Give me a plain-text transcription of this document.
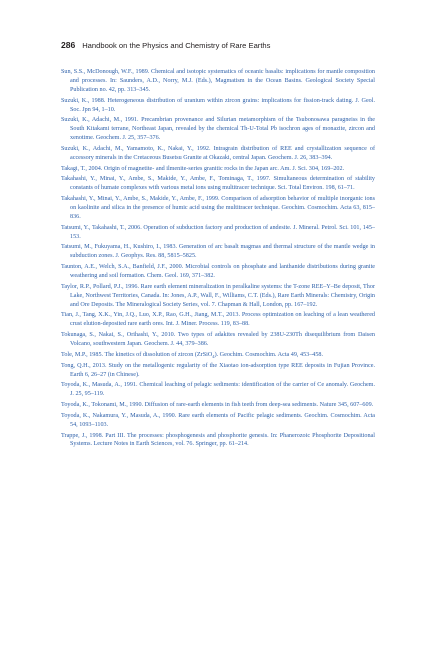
286 Handbook on the Physics and Chemistry of Rare Earths

Sun, S.S., McDonough, W.F., 1989. Chemical and isotopic systematics of oceanic basalts: implications for mantle composition and processes. In: Saunders, A.D., Norry, M.J. (Eds.), Magmatism in the Ocean Basins. Geological Society Special Publication no. 42, pp. 313–345.

Suzuki, K., 1988. Heterogeneous distribution of uranium within zircon grains: implications for fission-track dating. J. Geol. Soc. Jpn 94, 1–10.

Suzuki, K., Adachi, M., 1991. Precambrian provenance and Silurian metamorphism of the Tsubonosawa paragneiss in the South Kitakami terrane, Northeast Japan, revealed by the chemical Th-U-Total Pb isochron ages of monazite, zircon and xenotime. Geochem. J. 25, 357–376.

Suzuki, K., Adachi, M., Yamamoto, K., Nakai, Y., 1992. Intragrain distribution of REE and crystallization sequence of accessory minerals in the Cretaceous Busetsu Granite at Okazaki, central Japan. Geochem. J. 26, 383–394.

Takagi, T., 2004. Origin of magnetite- and ilmenite-series granitic rocks in the Japan arc. Am. J. Sci. 304, 169–202.

Takahashi, Y., Minai, Y., Ambe, S., Makide, Y., Ambe, F., Tominaga, T., 1997. Simultaneous determination of stability constants of humate complexes with various metal ions using multitracer technique. Sci. Total Environ. 198, 61–71.

Takahashi, Y., Minai, Y., Ambe, S., Makide, Y., Ambe, F., 1999. Comparison of adsorption behavior of multiple inorganic ions on kaolinite and silica in the presence of humic acid using the multitracer technique. Geochim. Cosmochim. Acta 63, 815–836.

Tatsumi, Y., Takahashi, T., 2006. Operation of subduction factory and production of andesite. J. Mineral. Petrol. Sci. 101, 145–153.

Tatsumi, M., Fukuyama, H., Kushiro, I., 1983. Generation of arc basalt magmas and thermal structure of the mantle wedge in subduction zones. J. Geophys. Res. 88, 5815–5825.

Taunton, A.E., Welch, S.A., Banfield, J.F., 2000. Microbial controls on phosphate and lanthanide distributions during granite weathering and soil formation. Chem. Geol. 169, 371–382.

Taylor, R.P., Pollard, P.J., 1996. Rare earth element mineralization in peralkaline systems: the T-zone REE–Y–Be deposit, Thor Lake, Northwest Territories, Canada. In: Jones, A.P., Wall, F., Williams, C.T. (Eds.), Rare Earth Minerals: Chemistry, Origin and Ore Deposits. The Mineralogical Society Series, vol. 7. Chapman & Hall, London, pp. 167–192.

Tian, J., Tang, X.K., Yin, J.Q., Luo, X.P., Rao, G.H., Jiang, M.T., 2013. Process optimization on leaching of a lean weathered crust elution-deposited rare earth ores. Int. J. Miner. Process. 119, 83–88.

Tokunaga, S., Nakai, S., Orihashi, Y., 2010. Two types of adakites revealed by 238U-230Th disequilibrium from Daisen Volcano, southwestern Japan. Geochem. J. 44, 379–386.

Tole, M.P., 1985. The kinetics of dissolution of zircon (ZrSiO$_4$). Geochim. Cosmochim. Acta 49, 453–458.

Tong, Q.H., 2013. Study on the metallogenic regularity of the Xiaotao ion-adsorption type REE deposits in Fujian Province. Earth 6, 26–27 (in Chinese).

Toyoda, K., Masuda, A., 1991. Chemical leaching of pelagic sediments: identification of the carrier of Ce anomaly. Geochem. J. 25, 95–119.

Toyoda, K., Tokonami, M., 1990. Diffusion of rare-earth elements in fish teeth from deep-sea sediments. Nature 345, 607–609.

Toyoda, K., Nakamura, Y., Masuda, A., 1990. Rare earth elements of Pacific pelagic sediments. Geochim. Cosmochim. Acta 54, 1093–1103.

Trappe, J., 1998. Part III. The processes: phosphogenesis and phosphorite genesis. In: Phanerozoic Phosphorite Depositional Systems. Lecture Notes in Earth Sciences, vol. 76. Springer, pp. 61–214.
